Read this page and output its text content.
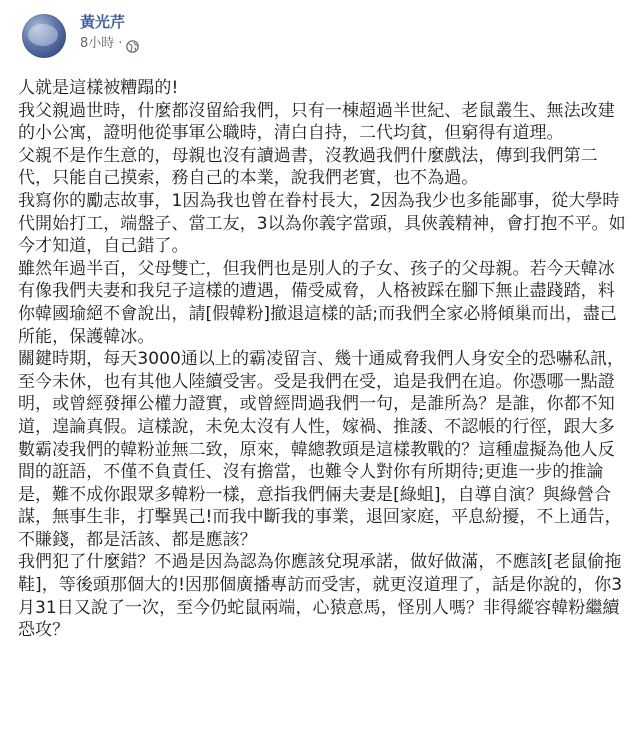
黃光芹
8小時 ·

人就是這樣被糟蹋的!

我父親過世時，什麼都沒留給我們，只有一棟超過半世紀、老鼠叢生、無法改建的小公寓，證明他從事軍公職時，清白自持，二代均貧，但窮得有道理。

父親不是作生意的，母親也沒有讀過書，沒教過我們什麼戲法，傳到我們第二代，只能自己摸索，務自己的本業，說我們老實，也不為過。

我寫你的勵志故事，1因為我也曾在眷村長大，2因為我少也多能鄙事，從大學時代開始打工，端盤子、當工友，3以為你義字當頭，具俠義精神，會打抱不平。如今才知道，自己錯了。

雖然年過半百，父母雙亡，但我們也是別人的子女、孩子的父母親。若今天韓冰有像我們夫妻和我兒子這樣的遭遇，備受威脅，人格被踩在腳下無止盡踐踏，料你韓國瑜絕不會說出，請[假韓粉]撤退這樣的話;而我們全家必將傾巢而出，盡己所能，保護韓冰。

關鍵時期，每天3000通以上的霸凌留言、幾十通威脅我們人身安全的恐嚇私訊，至今未休，也有其他人陸續受害。受是我們在受，追是我們在追。你憑哪一點證明，或曾經發揮公權力證實，或曾經問過我們一句，是誰所為？是誰，你都不知道，遑論真假。這樣說，未免太沒有人性，嫁禍、推諉、不認帳的行徑，跟大多數霸凌我們的韓粉並無二致，原來，韓總教頭是這樣教戰的？這種虛擬為他人反間的誑語，不僅不負責任、沒有擔當，也難令人對你有所期待;更進一步的推論是，難不成你跟眾多韓粉一樣，意指我們倆夫妻是[綠蛆]，自導自演？與綠營合謀，無事生非，打擊異己!而我中斷我的事業，退回家庭，平息紛擾，不上通告，不賺錢，都是活該、都是應該？

我們犯了什麼錯？不過是因為認為你應該兌現承諾，做好做滿，不應該[老鼠偷拖鞋]，等後頭那個大的!因那個廣播專訪而受害，就更沒道理了，話是你說的，你3月31日又說了一次，至今仍蛇鼠兩端，心猿意馬，怪別人嗎？非得縱容韓粉繼續恐攻？
